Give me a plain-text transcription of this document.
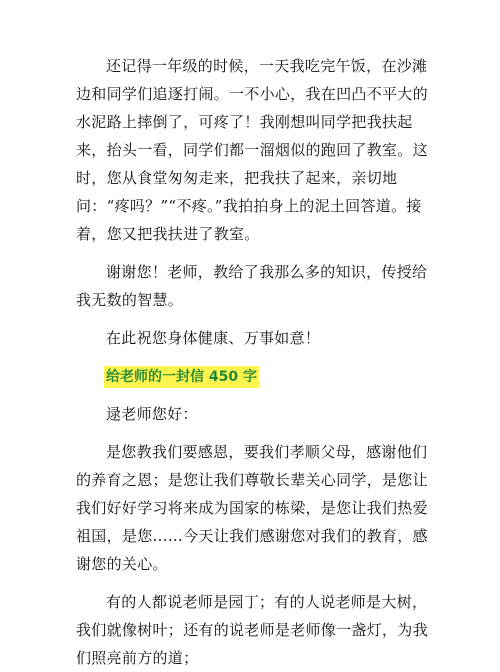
还记得一年级的时候，一天我吃完午饭，在沙滩边和同学们追逐打闹。一不小心，我在凹凸不平大的水泥路上摔倒了，可疼了！我刚想叫同学把我扶起来，抬头一看，同学们都一溜烟似的跑回了教室。这时，您从食堂匆匆走来，把我扶了起来，亲切地问：“疼吗？”“不疼。”我拍拍身上的泥土回答道。接着，您又把我扶进了教室。

谢谢您！老师，教给了我那么多的知识，传授给我无数的智慧。

在此祝您身体健康、万事如意！

给老师的一封信 450 字

逯老师您好：

是您教我们要感恩，要我们孝顺父母，感谢他们的养育之恩；是您让我们尊敬长辈关心同学，是您让我们好好学习将来成为国家的栋梁，是您让我们热爱祖国，是您……今天让我们感谢您对我们的教育，感谢您的关心。

有的人都说老师是园丁；有的人说老师是大树，我们就像树叶；还有的说老师是老师像一盏灯，为我们照亮前方的道；
